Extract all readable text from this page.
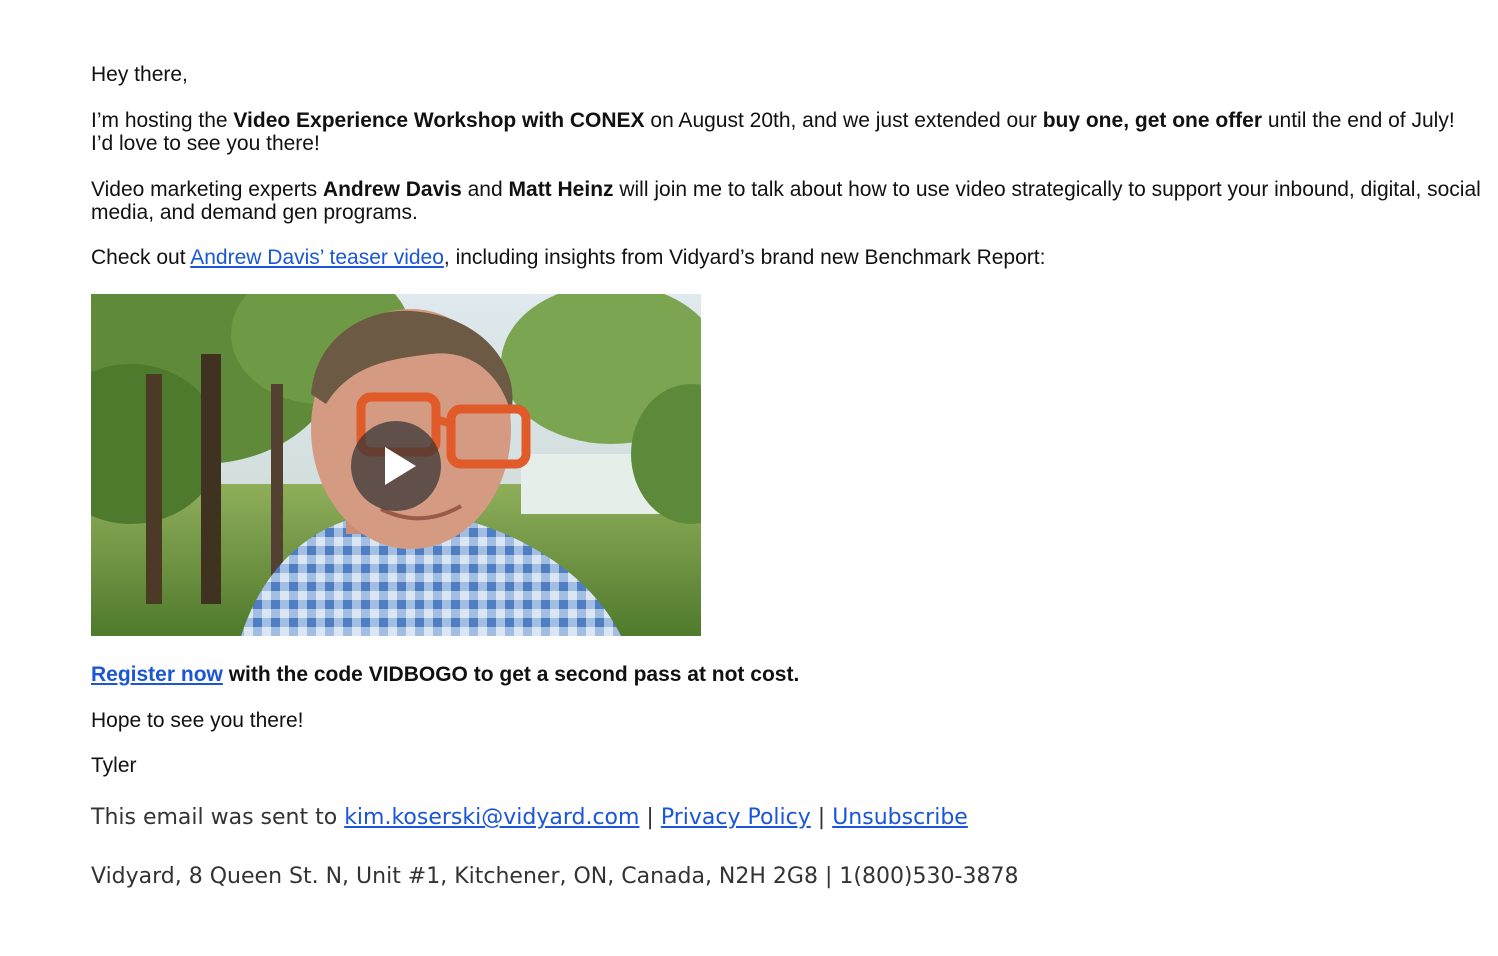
Hey there,

I’m hosting the Video Experience Workshop with CONEX on August 20th, and we just extended our buy one, get one offer until the end of July! I’d love to see you there!

Video marketing experts Andrew Davis and Matt Heinz will join me to talk about how to use video strategically to support your inbound, digital, social media, and demand gen programs.

Check out Andrew Davis’ teaser video, including insights from Vidyard’s brand new Benchmark Report:

Register now with the code VIDBOGO to get a second pass at not cost.

Hope to see you there!

Tyler

This email was sent to kim.koserski@vidyard.com | Privacy Policy | Unsubscribe
Vidyard, 8 Queen St. N, Unit #1, Kitchener, ON, Canada, N2H 2G8 | 1(800)530-3878
